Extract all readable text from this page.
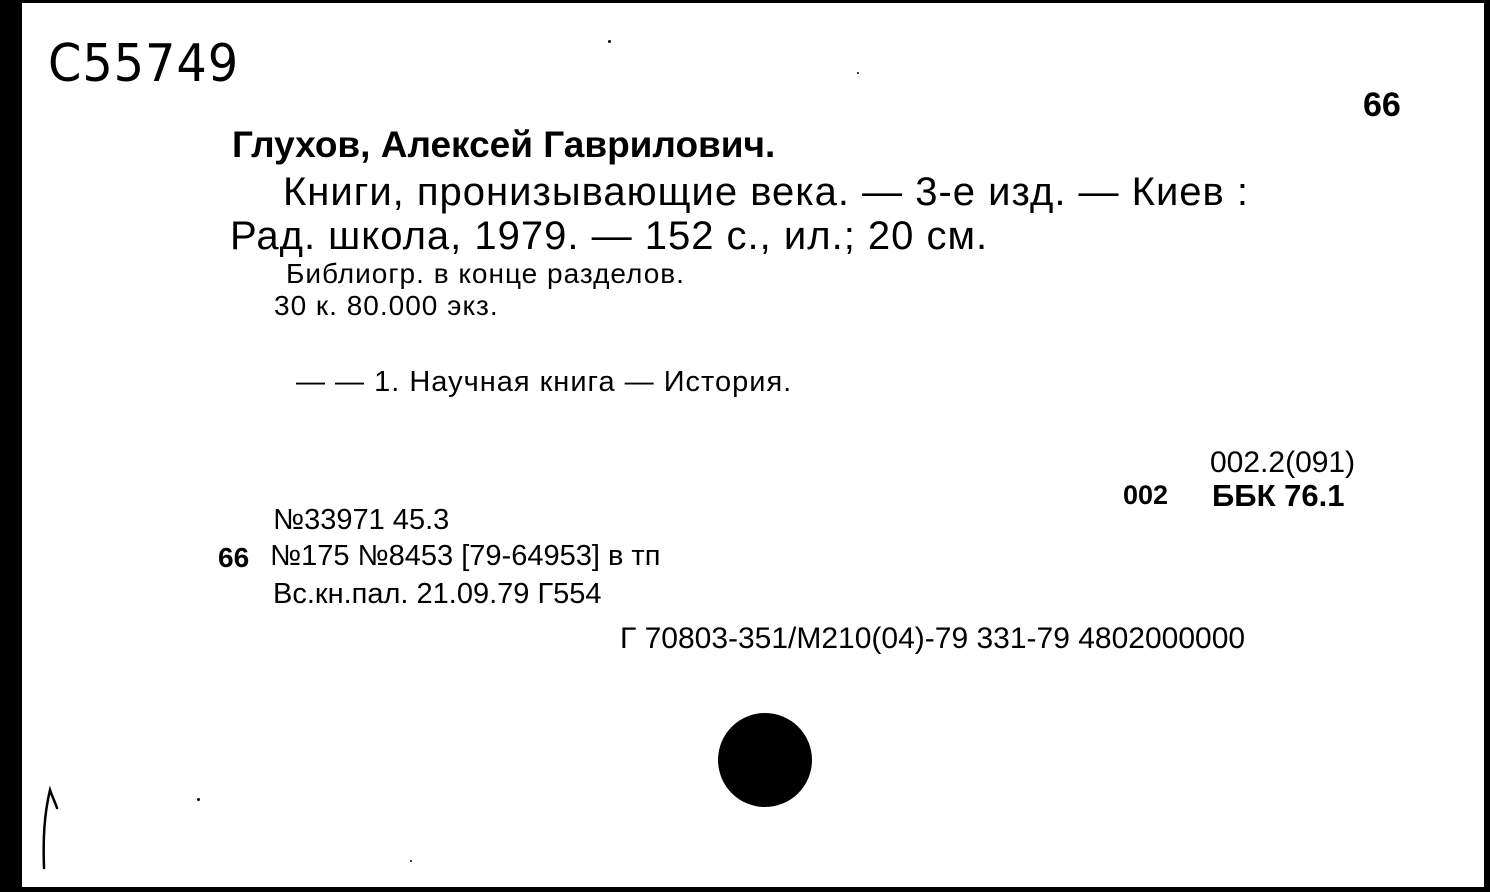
С55749
66
Глухов, Алексей Гаврилович.
Книги, пронизывающие века. — 3-е изд. — Киев :
Рад. школа, 1979. — 152 с., ил.; 20 см.
Библиогр. в конце разделов.
30 к. 80.000 экз.
— — 1. Научная книга — История.
002.2(091)
002 ББК 76.1
№33971 45.3
66 №175 №8453 [79-64953] в тп
Вс.кн.пал. 21.09.79 Г554
Г 70803-351/М210(04)-79 331-79 4802000000
